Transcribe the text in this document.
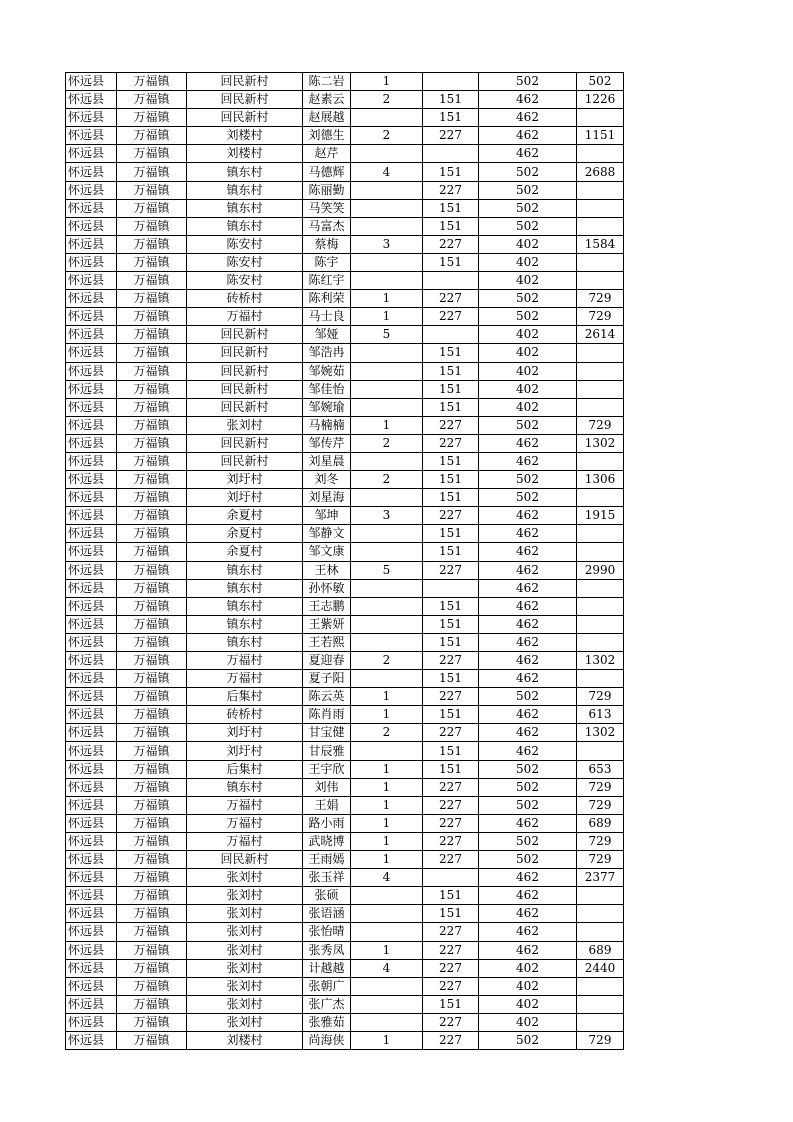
怀远县	万福镇	回民新村	陈二岩	1		502	502
怀远县	万福镇	回民新村	赵素云	2	151	462	1226
怀远县	万福镇	回民新村	赵展越		151	462	
怀远县	万福镇	刘楼村	刘德生	2	227	462	1151
怀远县	万福镇	刘楼村	赵芹			462	
怀远县	万福镇	镇东村	马德辉	4	151	502	2688
怀远县	万福镇	镇东村	陈丽勤		227	502	
怀远县	万福镇	镇东村	马笑笑		151	502	
怀远县	万福镇	镇东村	马富杰		151	502	
怀远县	万福镇	陈安村	蔡梅	3	227	402	1584
怀远县	万福镇	陈安村	陈宇		151	402	
怀远县	万福镇	陈安村	陈红宇			402	
怀远县	万福镇	砖桥村	陈利荣	1	227	502	729
怀远县	万福镇	万福村	马士良	1	227	502	729
怀远县	万福镇	回民新村	邹娅	5		402	2614
怀远县	万福镇	回民新村	邹浩冉		151	402	
怀远县	万福镇	回民新村	邹婉茹		151	402	
怀远县	万福镇	回民新村	邹佳怡		151	402	
怀远县	万福镇	回民新村	邹婉瑜		151	402	
怀远县	万福镇	张刘村	马楠楠	1	227	502	729
怀远县	万福镇	回民新村	邹传芹	2	227	462	1302
怀远县	万福镇	回民新村	刘星晨		151	462	
怀远县	万福镇	刘圩村	刘冬	2	151	502	1306
怀远县	万福镇	刘圩村	刘星海		151	502	
怀远县	万福镇	余夏村	邹坤	3	227	462	1915
怀远县	万福镇	余夏村	邹静文		151	462	
怀远县	万福镇	余夏村	邹文康		151	462	
怀远县	万福镇	镇东村	王林	5	227	462	2990
怀远县	万福镇	镇东村	孙怀敏			462	
怀远县	万福镇	镇东村	王志鹏		151	462	
怀远县	万福镇	镇东村	王紫妍		151	462	
怀远县	万福镇	镇东村	王若熙		151	462	
怀远县	万福镇	万福村	夏迎春	2	227	462	1302
怀远县	万福镇	万福村	夏子阳		151	462	
怀远县	万福镇	后集村	陈云英	1	227	502	729
怀远县	万福镇	砖桥村	陈肖雨	1	151	462	613
怀远县	万福镇	刘圩村	甘宝健	2	227	462	1302
怀远县	万福镇	刘圩村	甘辰雅		151	462	
怀远县	万福镇	后集村	王宇欣	1	151	502	653
怀远县	万福镇	镇东村	刘伟	1	227	502	729
怀远县	万福镇	万福村	王娟	1	227	502	729
怀远县	万福镇	万福村	路小雨	1	227	462	689
怀远县	万福镇	万福村	武晓博	1	227	502	729
怀远县	万福镇	回民新村	王雨嫣	1	227	502	729
怀远县	万福镇	张刘村	张玉祥	4		462	2377
怀远县	万福镇	张刘村	张硕		151	462	
怀远县	万福镇	张刘村	张语涵		151	462	
怀远县	万福镇	张刘村	张怡晴		227	462	
怀远县	万福镇	张刘村	张秀凤	1	227	462	689
怀远县	万福镇	张刘村	计越越	4	227	402	2440
怀远县	万福镇	张刘村	张朝广		227	402	
怀远县	万福镇	张刘村	张广杰		151	402	
怀远县	万福镇	张刘村	张雅茹		227	402	
怀远县	万福镇	刘楼村	尚海侠	1	227	502	729
